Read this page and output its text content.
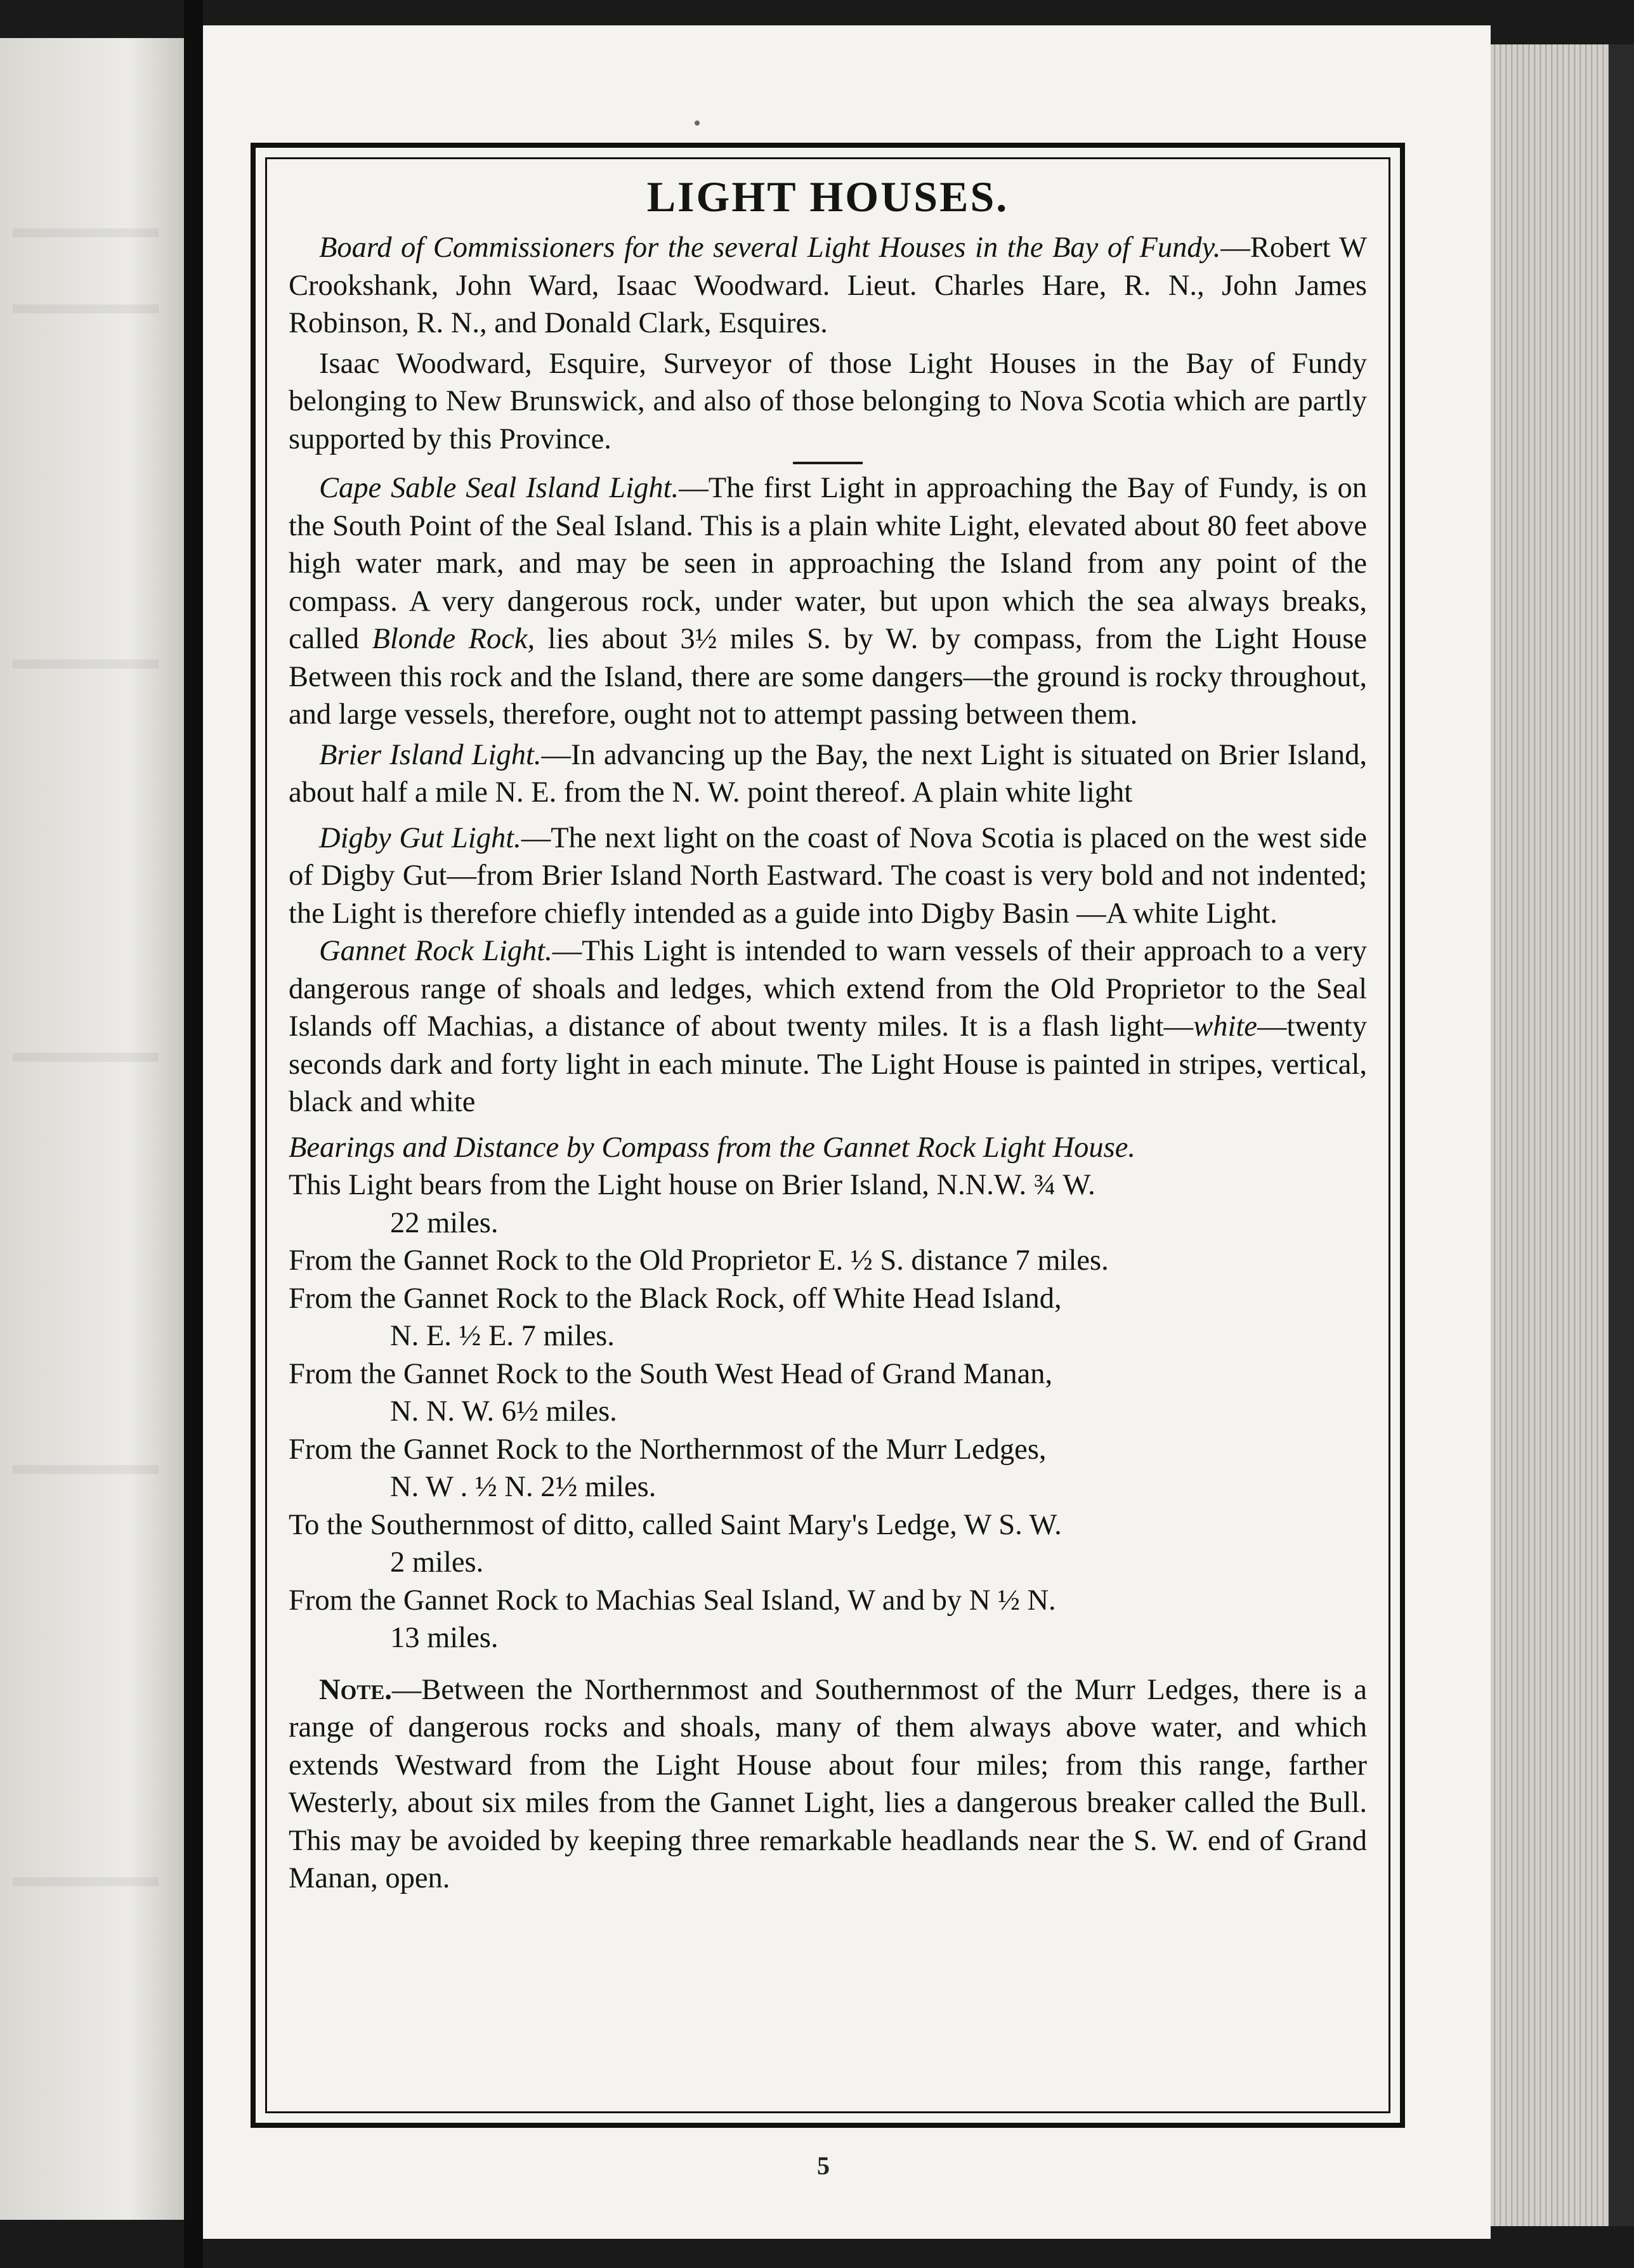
LIGHT HOUSES.

Board of Commissioners for the several Light Houses in the Bay of Fundy.—Robert W Crookshank, John Ward, Isaac Woodward. Lieut. Charles Hare, R. N., John James Robinson, R. N., and Donald Clark, Esquires.

Isaac Woodward, Esquire, Surveyor of those Light Houses in the Bay of Fundy belonging to New Brunswick, and also of those belonging to Nova Scotia which are partly supported by this Province.

Cape Sable Seal Island Light.—The first Light in approaching the Bay of Fundy, is on the South Point of the Seal Island. This is a plain white Light, elevated about 80 feet above high water mark, and may be seen in approaching the Island from any point of the compass. A very dangerous rock, under water, but upon which the sea always breaks, called Blonde Rock, lies about 3½ miles S. by W. by compass, from the Light House Between this rock and the Island, there are some dangers—the ground is rocky throughout, and large vessels, therefore, ought not to attempt passing between them.

Brier Island Light.—In advancing up the Bay, the next Light is situated on Brier Island, about half a mile N. E. from the N. W. point thereof. A plain white light

Digby Gut Light.—The next light on the coast of Nova Scotia is placed on the west side of Digby Gut—from Brier Island North Eastward. The coast is very bold and not indented; the Light is therefore chiefly intended as a guide into Digby Basin —A white Light.

Gannet Rock Light.—This Light is intended to warn vessels of their approach to a very dangerous range of shoals and ledges, which extend from the Old Proprietor to the Seal Islands off Machias, a distance of about twenty miles. It is a flash light—white—twenty seconds dark and forty light in each minute. The Light House is painted in stripes, vertical, black and white

Bearings and Distance by Compass from the Gannet Rock Light House.

This Light bears from the Light house on Brier Island, N.N.W. ¾ W.
22 miles.
From the Gannet Rock to the Old Proprietor E. ½ S. distance 7 miles.
From the Gannet Rock to the Black Rock, off White Head Island,
N. E. ½ E. 7 miles.
From the Gannet Rock to the South West Head of Grand Manan,
N. N. W. 6½ miles.
From the Gannet Rock to the Northernmost of the Murr Ledges,
N. W . ½ N. 2½ miles.
To the Southernmost of ditto, called Saint Mary's Ledge, W S. W.
2 miles.
From the Gannet Rock to Machias Seal Island, W and by N ½ N.
13 miles.

Note.—Between the Northernmost and Southernmost of the Murr Ledges, there is a range of dangerous rocks and shoals, many of them always above water, and which extends Westward from the Light House about four miles; from this range, farther Westerly, about six miles from the Gannet Light, lies a dangerous breaker called the Bull. This may be avoided by keeping three remarkable headlands near the S. W. end of Grand Manan, open.

5
